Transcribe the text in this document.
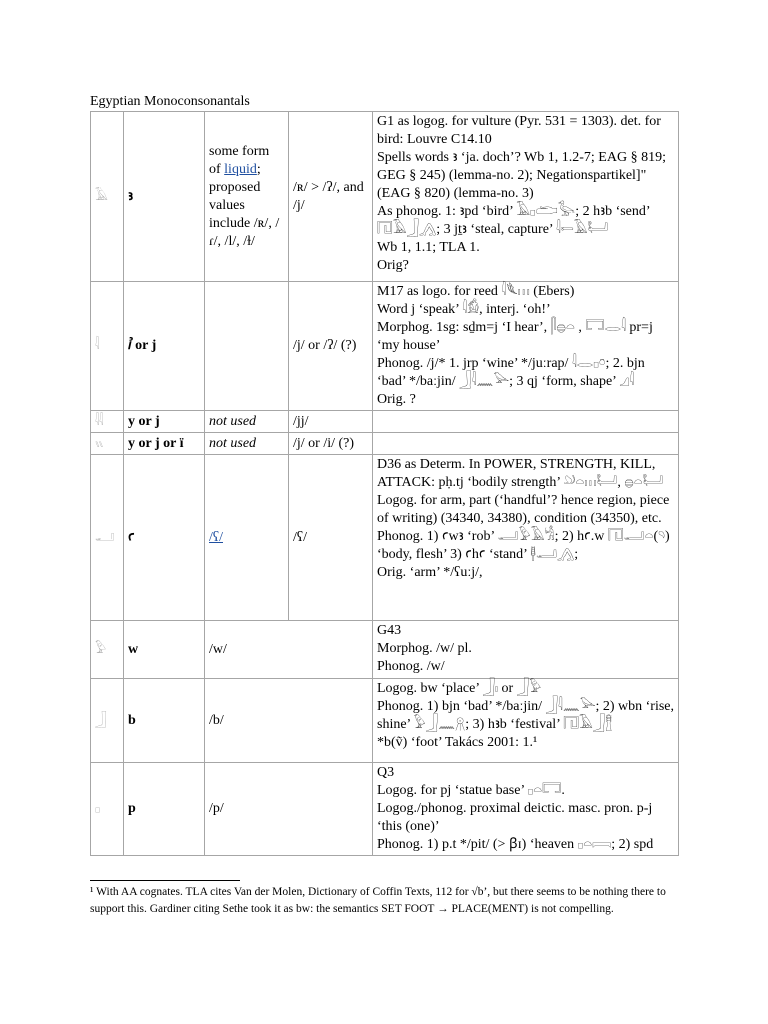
Egyptian Monoconsonantals
𓄿	ꜣ	some form of liquid; proposed values include /ʀ/, /ɾ/, /l/, /ɫ/	/ʀ/ > /ʔ/, and /j/	G1 as logog. for vulture (Pyr. 531 = 1303). det. for bird: Louvre C14.10
Spells words ꜣ ‘ja. doch’? Wb 1, 1.2-7; EAG § 819; GEG § 245) (lemma-no. 2); Negationspartikel]" (EAG § 820) (lemma-no. 3)
As phonog. 1: ꜣpd ‘bird’ 𓄿𓊪𓂧𓅭; 2 hꜣb ‘send’ 𓉔𓄿𓃀𓂻; 3 jṯꜣ ‘steal, capture’ 𓇋𓍿𓄿𓂡
Wb 1, 1.1; TLA 1.
Orig?

𓇋	ꞽ or j		/j/ or /ʔ/ (?)	M17 as logo. for reed 𓇋𓆰𓏥 (Ebers)
Word j ‘speak’ 𓇋𓀁, interj. ‘oh!’
Morphog. 1sg: sḏm=j ‘I hear’, 𓋴𓐍𓏏 , 𓉐𓂋𓇋 pr=j ‘my house’
Phonog. /j/* 1. jrp ‘wine’ */juːrap/ 𓇋𓂋𓊪𓏌; 2. bjn ‘bad’ */baːjin/ 𓃀𓇋𓈖𓅪; 3 qj ‘form, shape’ 𓈎𓇋
Orig. ?

𓇌	y or j	not used	/jj/	

𓏭	y or j or ï	not used	/j/ or /i/ (?)	

𓂝	ꜥ	/ʕ/	/ʕ/	D36 as Determ. In POWER, STRENGTH, KILL, ATTACK: pḥ.tj ‘bodily strength’ 𓄖𓏏𓏥𓂡, 𓐍𓏏𓂡
Logog. for arm, part (‘handful’? hence region, piece of writing) (34340, 34380), condition (34350), etc.
Phonog. 1) ꜥwꜣ ‘rob’ 𓂝𓅱𓄿𓀜; 2) hꜥ.w 𓉔𓂝𓏏(𓄹) ‘body, flesh’ 3) ꜥhꜥ ‘stand’ 𓊢𓂝𓂻;
Orig. ‘arm’ */ʕuːj/,

𓅱	w	/w/		G43
Morphog. /w/ pl.
Phonog. /w/

𓃀	b	/b/		Logog. bw ‘place’ 𓃀𓏤 or 𓃀𓅱
Phonog. 1) bjn ‘bad’ */baːjin/ 𓃀𓇋𓈖𓅪; 2) wbn ‘rise, shine’ 𓅱𓃀𓈖𓇶; 3) hꜣb ‘festival’ 𓉔𓄿𓃀𓊽
*b(ṽ) ‘foot’ Takács 2001: 1.¹

𓊪	p	/p/		Q3
Logog. for pj ‘statue base’ 𓊪𓏏𓉐.
Logog./phonog. proximal deictic. masc. pron. p-j ‘this (one)’
Phonog. 1) p.t */pit/ (> ꞵɪ) ‘heaven 𓊪𓏏𓇯; 2) spd
¹ With AA cognates. TLA cites Van der Molen, Dictionary of Coffin Texts, 112 for √b’, but there seems to be nothing there to support this. Gardiner citing Sethe took it as bw: the semantics SET FOOT → PLACE(MENT) is not compelling.
